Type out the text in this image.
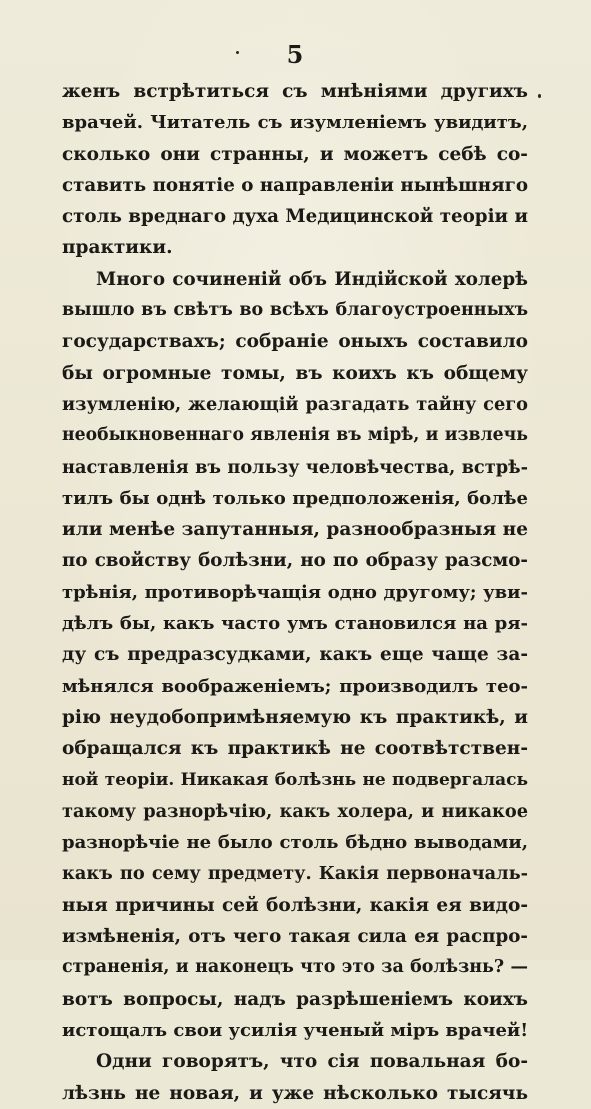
5
женъ встрѣтиться съ мнѣніями другихъ
врачей. Читатель съ изумленіемъ увидитъ,
сколько они странны, и можетъ себѣ со-
ставить понятіе о направленіи нынѣшняго
столь вреднаго духа Медицинской теоріи и
практики.
Много сочиненій объ Индійской холерѣ
вышло въ свѣтъ во всѣхъ благоустроенныхъ
государствахъ; собраніе оныхъ составило
бы огромные томы, въ коихъ къ общему
изумленію, желающій разгадать тайну сего
необыкновеннаго явленія въ мірѣ, и извлечь
наставленія въ пользу человѣчества, встрѣ-
тилъ бы однѣ только предположенія, болѣе
или менѣе запутанныя, разнообразныя не
по свойству болѣзни, но по образу разсмо-
трѣнія, противорѣчащія одно другому; уви-
дѣлъ бы, какъ часто умъ становился на ря-
ду съ предразсудками, какъ еще чаще за-
мѣнялся воображеніемъ; производилъ тео-
рію неудобопримѣняемую къ практикѣ, и
обращался къ практикѣ не соотвѣтствен-
ной теоріи. Никакая болѣзнь не подвергалась
такому разнорѣчію, какъ холера, и никакое
разнорѣчіе не было столь бѣдно выводами,
какъ по сему предмету. Какія первоначаль-
ныя причины сей болѣзни, какія ея видо-
измѣненія, отъ чего такая сила ея распро-
страненія, и наконецъ что это за болѣзнь? —
вотъ вопросы, надъ разрѣшеніемъ коихъ
истощалъ свои усилія ученый міръ врачей!
Одни говорятъ, что сія повальная бо-
лѣзнь не новая, и уже нѣсколько тысячь
